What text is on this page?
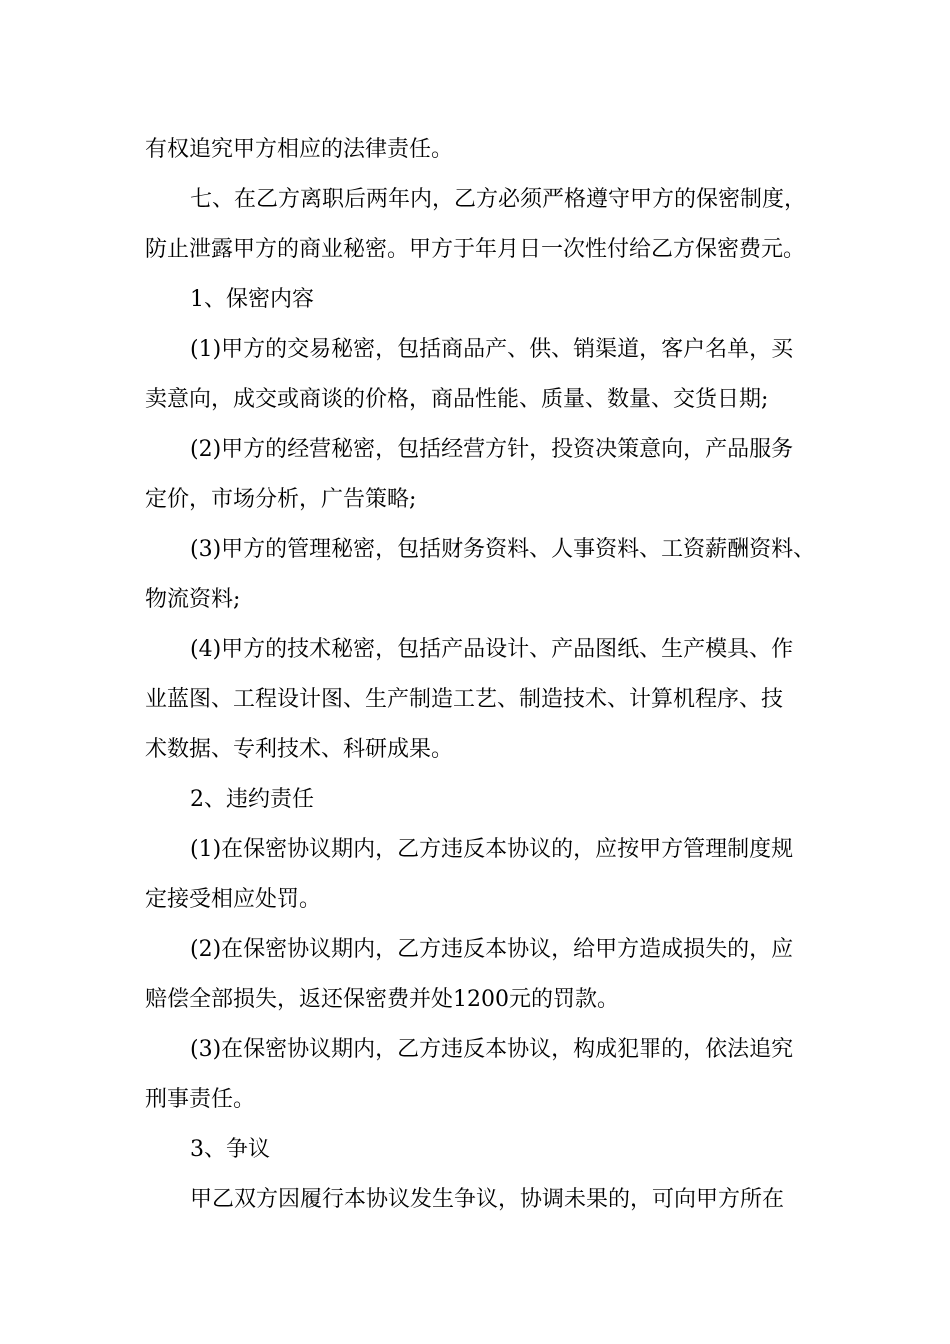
有权追究甲方相应的法律责任。

七、在乙方离职后两年内，乙方必须严格遵守甲方的保密制度，

防止泄露甲方的商业秘密。甲方于年月日一次性付给乙方保密费元。

1、保密内容

(1)甲方的交易秘密，包括商品产、供、销渠道，客户名单，买

卖意向，成交或商谈的价格，商品性能、质量、数量、交货日期;

(2)甲方的经营秘密，包括经营方针，投资决策意向，产品服务

定价，市场分析，广告策略;

(3)甲方的管理秘密，包括财务资料、人事资料、工资薪酬资料、

物流资料;

(4)甲方的技术秘密，包括产品设计、产品图纸、生产模具、作

业蓝图、工程设计图、生产制造工艺、制造技术、计算机程序、技

术数据、专利技术、科研成果。

2、违约责任

(1)在保密协议期内，乙方违反本协议的，应按甲方管理制度规

定接受相应处罚。

(2)在保密协议期内，乙方违反本协议，给甲方造成损失的，应

赔偿全部损失，返还保密费并处1200元的罚款。

(3)在保密协议期内，乙方违反本协议，构成犯罪的，依法追究

刑事责任。

3、争议

甲乙双方因履行本协议发生争议，协调未果的，可向甲方所在
